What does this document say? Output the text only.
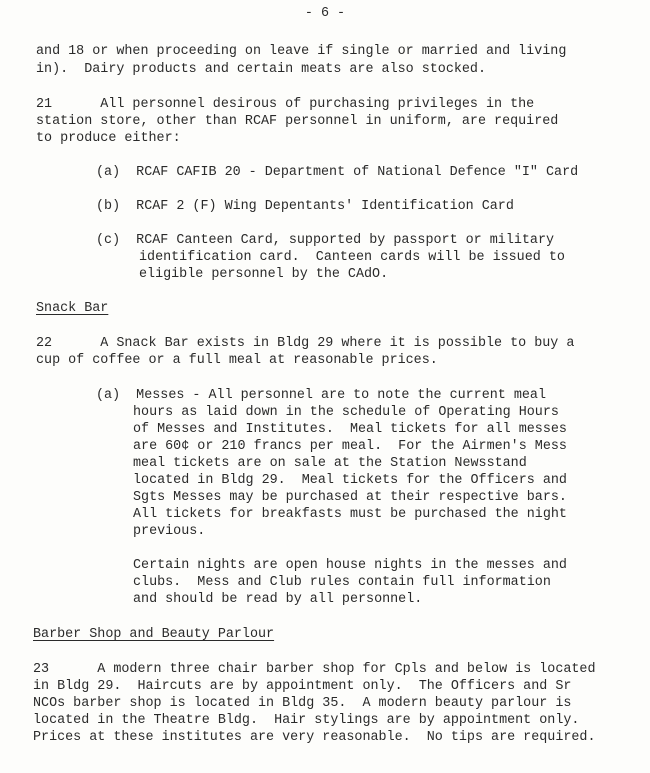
- 6 -
and 18 or when proceeding on leave if single or married and living
in).  Dairy products and certain meats are also stocked.
21      All personnel desirous of purchasing privileges in the
station store, other than RCAF personnel in uniform, are required
to produce either:
(a)  RCAF CAFIB 20 - Department of National Defence "I" Card
(b)  RCAF 2 (F) Wing Depentants' Identification Card
(c)  RCAF Canteen Card, supported by passport or military
identification card.  Canteen cards will be issued to
eligible personnel by the CAdO.
Snack Bar
22      A Snack Bar exists in Bldg 29 where it is possible to buy a
cup of coffee or a full meal at reasonable prices.
(a)  Messes - All personnel are to note the current meal
hours as laid down in the schedule of Operating Hours
of Messes and Institutes.  Meal tickets for all messes
are 60¢ or 210 francs per meal.  For the Airmen's Mess
meal tickets are on sale at the Station Newsstand
located in Bldg 29.  Meal tickets for the Officers and
Sgts Messes may be purchased at their respective bars.
All tickets for breakfasts must be purchased the night
previous.
Certain nights are open house nights in the messes and
clubs.  Mess and Club rules contain full information
and should be read by all personnel.
Barber Shop and Beauty Parlour
23      A modern three chair barber shop for Cpls and below is located
in Bldg 29.  Haircuts are by appointment only.  The Officers and Sr
NCOs barber shop is located in Bldg 35.  A modern beauty parlour is
located in the Theatre Bldg.  Hair stylings are by appointment only.
Prices at these institutes are very reasonable.  No tips are required.
